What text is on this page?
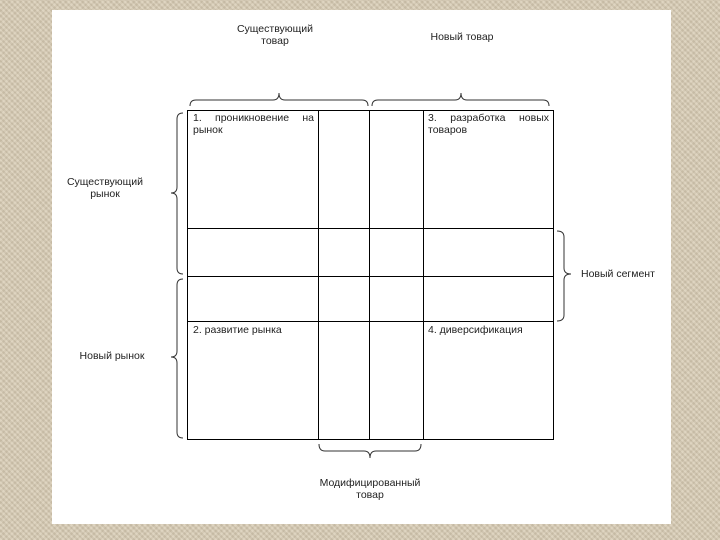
Существующий
товар	Новый товар
Существующий
рынок
Новый рынок
Новый сегмент
Модифицированный
товар
1. проникновение на рынок
3. разработка новых товаров
2. развитие рынка	4. диверсификация
